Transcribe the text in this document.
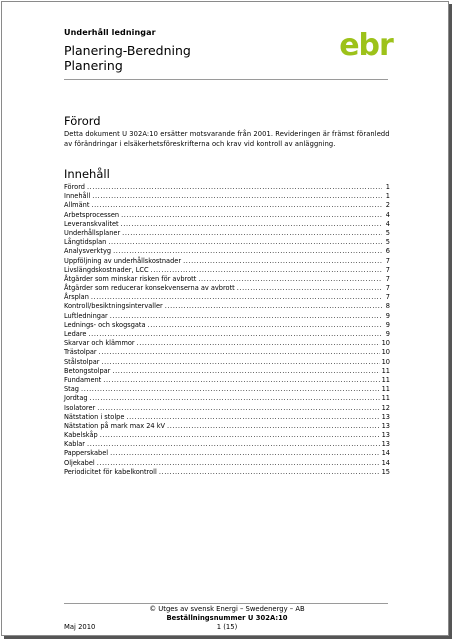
Underhåll ledningar	ebr
Planering-Beredning
Planering
Förord
Detta dokument U 302A:10 ersätter motsvarande från 2001. Revideringen är främst föranledd av förändringar i elsäkerhetsföreskrifterna och krav vid kontroll av anläggning.
Innehåll
Förord .....	1
Innehåll .....	1
Allmänt .....	2
Arbetsprocessen .....	4
Leveranskvalitet .....	4
Underhållsplaner .....	5
Långtidsplan .....	5
Analysverktyg .....	6
Uppföljning av underhållskostnader .....	7
Livslängdskostnader, LCC .....	7
Åtgärder som minskar risken för avbrott .....	7
Åtgärder som reducerar konsekvenserna av avbrott .....	7
Årsplan .....	7
Kontroll/besiktningsintervaller .....	8
Luftledningar .....	9
Lednings- och skogsgata .....	9
Ledare .....	9
Skarvar och klämmor .....	10
Trästolpar .....	10
Stålstolpar .....	10
Betongstolpar .....	11
Fundament .....	11
Stag .....	11
Jordtag .....	11
Isolatorer .....	12
Nätstation i stolpe .....	13
Nätstation på mark max 24 kV .....	13
Kabelskåp .....	13
Kablar .....	13
Papperskabel .....	14
Oljekabel .....	14
Periodicitet för kabelkontroll .....	15
© Utges av svensk Energi – Swedenergy – AB
Beställningsnummer U 302A:10
Maj 2010	1 (15)
